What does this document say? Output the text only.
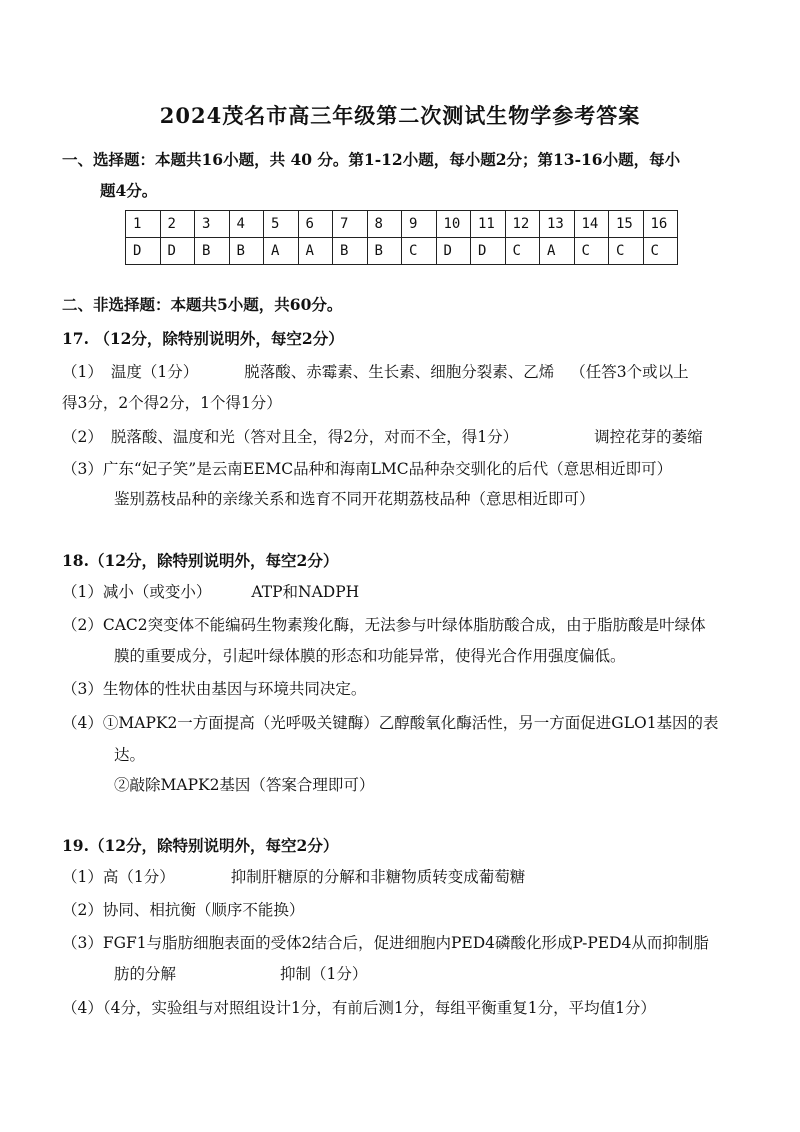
2024茂名市高三年级第二次测试生物学参考答案
一、选择题：本题共16小题，共 40 分。第1-12小题，每小题2分；第13-16小题，每小
题4分。
1	2	3	4	5	6	7	8	9	10	11	12	13	14	15	16
D	D	B	B	A	A	B	B	C	D	D	C	A	C	C	C
二、非选择题：本题共5小题，共60分。
17. （12分，除特别说明外，每空2分）
（1） 温度（1分）	脱落酸、赤霉素、生长素、细胞分裂素、乙烯 （任答3个或以上
得3分，2个得2分，1个得1分）
（2） 脱落酸、温度和光（答对且全，得2分，对而不全，得1分）	调控花芽的萎缩
（3）广东“妃子笑”是云南EEMC品种和海南LMC品种杂交驯化的后代（意思相近即可）
鉴别荔枝品种的亲缘关系和选育不同开花期荔枝品种（意思相近即可）
18.（12分，除特别说明外，每空2分）
（1）减小（或变小）	ATP和NADPH
（2）CAC2突变体不能编码生物素羧化酶，无法参与叶绿体脂肪酸合成，由于脂肪酸是叶绿体
膜的重要成分，引起叶绿体膜的形态和功能异常，使得光合作用强度偏低。
（3）生物体的性状由基因与环境共同决定。
（4）①MAPK2一方面提高（光呼吸关键酶）乙醇酸氧化酶活性，另一方面促进GLO1基因的表
达。
②敲除MAPK2基因（答案合理即可）
19.（12分，除特别说明外，每空2分）
（1）高（1分）	抑制肝糖原的分解和非糖物质转变成葡萄糖
（2）协同、相抗衡（顺序不能换）
（3）FGF1与脂肪细胞表面的受体2结合后，促进细胞内PED4磷酸化形成P-PED4从而抑制脂
肪的分解	抑制（1分）
（4）（4分，实验组与对照组设计1分，有前后测1分，每组平衡重复1分，平均值1分）
